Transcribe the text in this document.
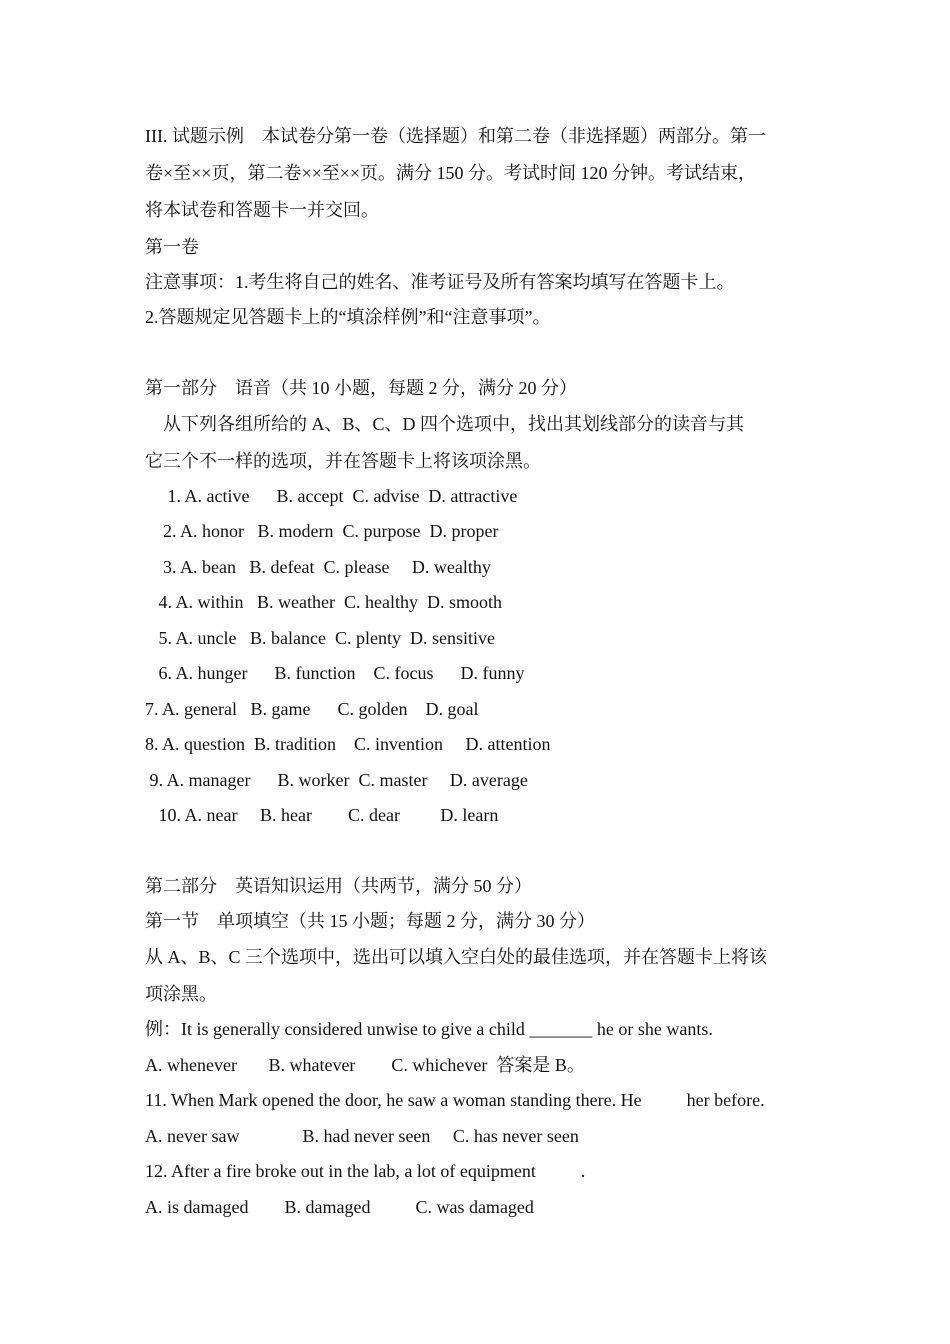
III. 试题示例    本试卷分第一卷（选择题）和第二卷（非选择题）两部分。第一
卷×至××页，第二卷××至××页。满分 150 分。考试时间 120 分钟。考试结束，
将本试卷和答题卡一并交回。
第一卷
注意事项：1.考生将自己的姓名、准考证号及所有答案均填写在答题卡上。
2.答题规定见答题卡上的“填涂样例”和“注意事项”。
第一部分    语音（共 10 小题，每题 2 分，满分 20 分）
从下列各组所给的 A、B、C、D 四个选项中，找出其划线部分的读音与其
它三个不一样的选项，并在答题卡上将该项涂黑。
1. A. active      B. accept  C. advise  D. attractive
2. A. honor   B. modern  C. purpose  D. proper
3. A. bean   B. defeat  C. please     D. wealthy
4. A. within   B. weather  C. healthy  D. smooth
5. A. uncle   B. balance  C. plenty  D. sensitive
6. A. hunger      B. function    C. focus      D. funny
7. A. general   B. game      C. golden    D. goal
8. A. question  B. tradition    C. invention     D. attention
9. A. manager      B. worker  C. master     D. average
10. A. near     B. hear        C. dear         D. learn
第二部分    英语知识运用（共两节，满分 50 分）
第一节    单项填空（共 15 小题；每题 2 分，满分 30 分）
从 A、B、C 三个选项中，选出可以填入空白处的最佳选项，并在答题卡上将该
项涂黑。
例：It is generally considered unwise to give a child _______ he or she wants.
A. whenever       B. whatever        C. whichever  答案是 B。
11. When Mark opened the door, he saw a woman standing there. He          her before.
A. never saw              B. had never seen     C. has never seen
12. After a fire broke out in the lab, a lot of equipment          .
A. is damaged        B. damaged          C. was damaged
